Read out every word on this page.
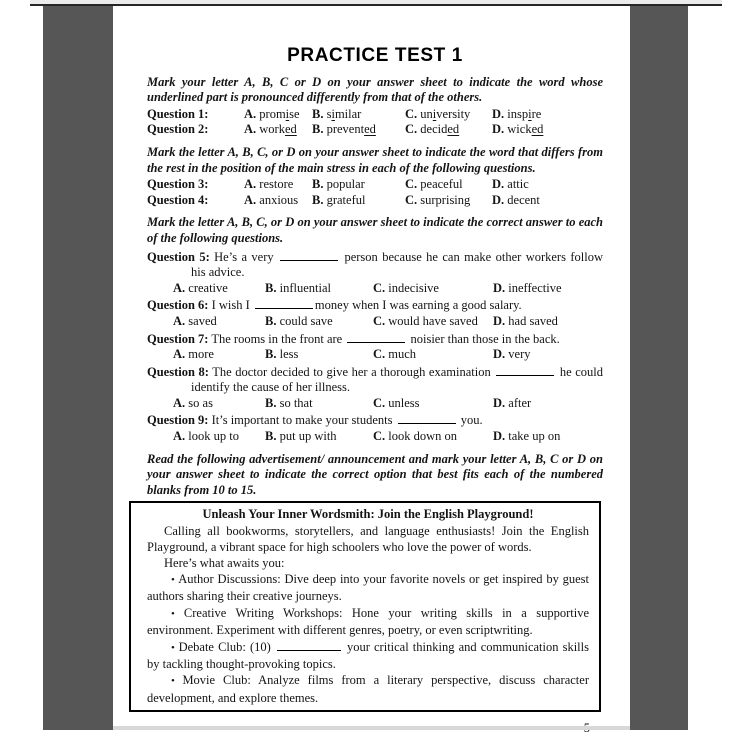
PRACTICE TEST 1

Mark your letter A, B, C or D on your answer sheet to indicate the word whose underlined part is pronounced differently from that of the others.

Question 1:	A. promise B. similar	C. university	D. inspire
Question 2:	A. worked	B. prevented	C. decided	D. wicked

Mark the letter A, B, C, or D on your answer sheet to indicate the word that differs from the rest in the position of the main stress in each of the following questions.

Question 3:	A. restore	B. popular	C. peaceful	D. attic
Question 4:	A. anxious	B. grateful	C. surprising	D. decent

Mark the letter A, B, C, or D on your answer sheet to indicate the correct answer to each of the following questions.

Question 5: He’s a very	person because he can make other workers follow his advice.

A. creative	B. influential	C. indecisive	D. ineffective

Question 6: I wish I	money when I was earning a good salary.

A. saved	B. could save	C. would have saved	D. had saved

Question 7: The rooms in the front are	noisier than those in the back.

A. more	B. less	C. much	D. very

Question 8: The doctor decided to give her a thorough examination	he could identify the cause of her illness.

A. so as	B. so that	C. unless	D. after

Question 9: It’s important to make your students	you.

A. look up to	B. put up with	C. look down on	D. take up on

Read the following advertisement/ announcement and mark your letter A, B, C or D on your answer sheet to indicate the correct option that best fits each of the numbered blanks from 10 to 15.

Unleash Your Inner Wordsmith: Join the English Playground!

Calling all bookworms, storytellers, and language enthusiasts! Join the English Playground, a vibrant space for high schoolers who love the power of words.

Here’s what awaits you:

• Author Discussions: Dive deep into your favorite novels or get inspired by guest authors sharing their creative journeys.

• Creative Writing Workshops: Hone your writing skills in a supportive environment. Experiment with different genres, poetry, or even scriptwriting.

• Debate Club: (10)	your critical thinking and communication skills by tackling thought-provoking topics.

• Movie Club: Analyze films from a literary perspective, discuss character development, and explore themes.
